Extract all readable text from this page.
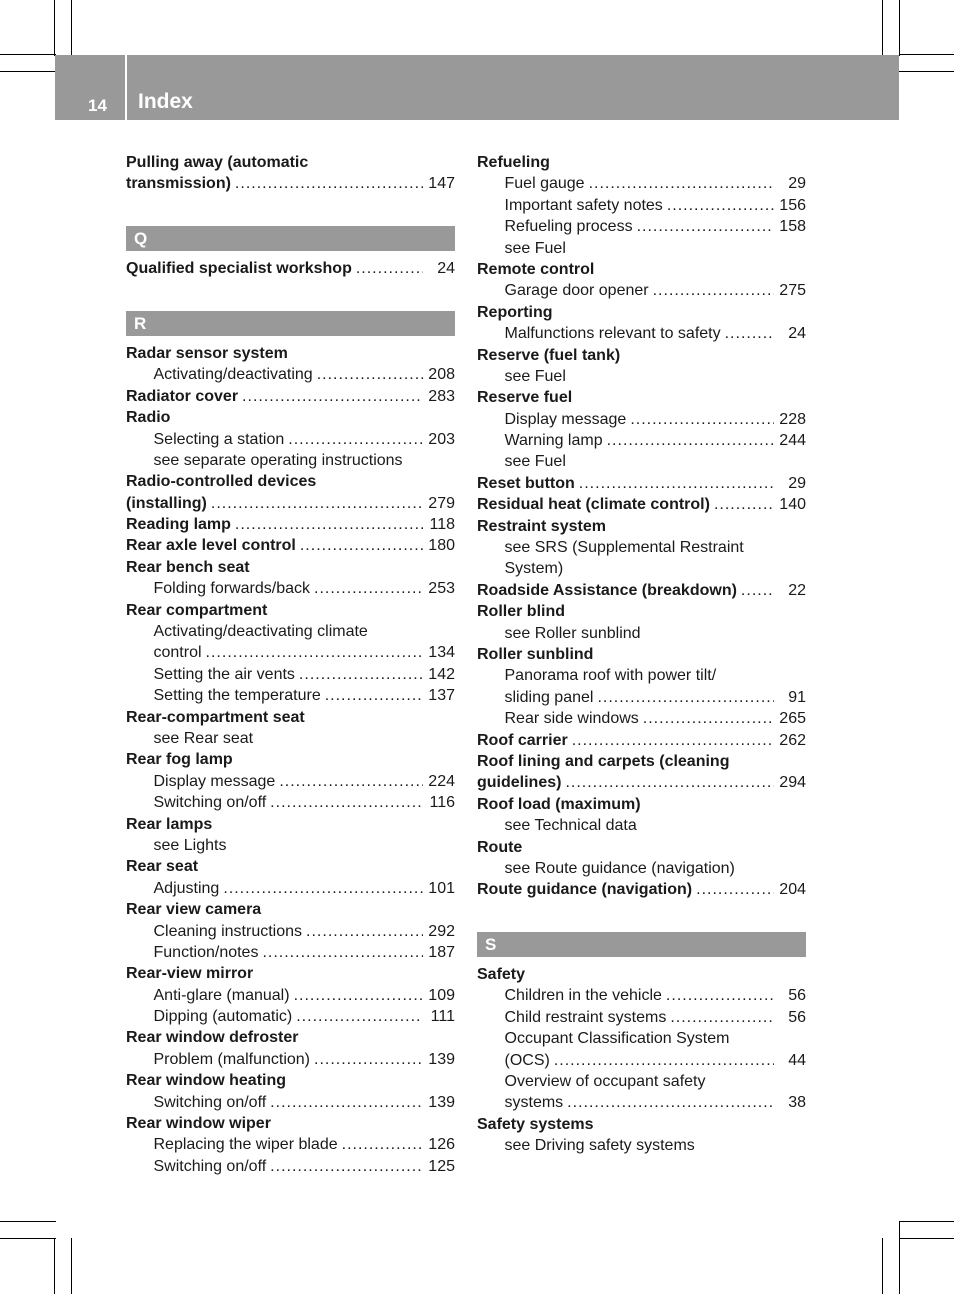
14 Index
Pulling away (automatic
transmission) .....	147
Q
Qualified specialist workshop .....	24
R
Radar sensor system
Activating/deactivating .....	208
Radiator cover .....	283
Radio
Selecting a station .....	203
see separate operating instructions
Radio-controlled devices
(installing) .....	279
Reading lamp .....	118
Rear axle level control .....	180
Rear bench seat
Folding forwards/back .....	253
Rear compartment
Activating/deactivating climate
control .....	134
Setting the air vents .....	142
Setting the temperature .....	137
Rear-compartment seat
see Rear seat
Rear fog lamp
Display message .....	224
Switching on/off .....	116
Rear lamps
see Lights
Rear seat
Adjusting .....	101
Rear view camera
Cleaning instructions .....	292
Function/notes .....	187
Rear-view mirror
Anti-glare (manual) .....	109
Dipping (automatic) .....	111
Rear window defroster
Problem (malfunction) .....	139
Rear window heating
Switching on/off .....	139
Rear window wiper
Replacing the wiper blade .....	126
Switching on/off .....	125
Refueling
Fuel gauge .....	29
Important safety notes .....	156
Refueling process .....	158
see Fuel
Remote control
Garage door opener .....	275
Reporting
Malfunctions relevant to safety .....	24
Reserve (fuel tank)
see Fuel
Reserve fuel
Display message .....	228
Warning lamp .....	244
see Fuel
Reset button .....	29
Residual heat (climate control) .....	140
Restraint system
see SRS (Supplemental Restraint
System)
Roadside Assistance (breakdown) .....	22
Roller blind
see Roller sunblind
Roller sunblind
Panorama roof with power tilt/
sliding panel .....	91
Rear side windows .....	265
Roof carrier .....	262
Roof lining and carpets (cleaning
guidelines) .....	294
Roof load (maximum)
see Technical data
Route
see Route guidance (navigation)
Route guidance (navigation) .....	204
S
Safety
Children in the vehicle .....	56
Child restraint systems .....	56
Occupant Classification System
(OCS) .....	44
Overview of occupant safety
systems .....	38
Safety systems
see Driving safety systems
